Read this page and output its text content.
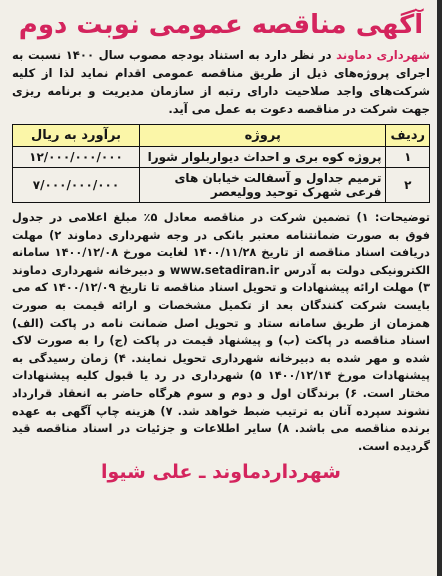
آگهی مناقصه عمومی نوبت دوم
شهرداری دماوند در نظر دارد به استناد بودجه مصوب سال ۱۴۰۰ نسبت به اجرای پروژه‌های ذیل از طریق مناقصه عمومی اقدام نماید لذا از کلیه شرکت‌های واجد صلاحیت دارای رتبه از سازمان مدیریت و برنامه ریزی جهت شرکت در مناقصه دعوت به عمل می آید.
ردیف	پروژه	برآورد به ریال
۱	پروژه کوه بری و احداث دیواربلوار شورا	۱۲/۰۰۰/۰۰۰/۰۰۰
۲	ترمیم جداول و آسفالت خیابان های فرعی شهرک توحید وولیعصر	۷/۰۰۰/۰۰۰/۰۰۰
توضیحات: ۱) تضمین شرکت در مناقصه معادل ۵٪ مبلغ اعلامی در جدول فوق به صورت ضمانتنامه معتبر بانکی در وجه شهرداری دماوند ۲) مهلت دریافت اسناد مناقصه از تاریخ ۱۴۰۰/۱۱/۲۸ لغایت مورخ ۱۴۰۰/۱۲/۰۸ سامانه الکترونیکی دولت به آدرس www.setadiran.ir و دبیرخانه شهرداری دماوند ۳) مهلت ارائه پیشنهادات و تحویل اسناد مناقصه تا تاریخ ۱۴۰۰/۱۲/۰۹ که می بایست شرکت کنندگان بعد از تکمیل مشخصات و ارائه قیمت به صورت همزمان از طریق سامانه ستاد و تحویل اصل ضمانت نامه در پاکت (الف) اسناد مناقصه در پاکت (ب) و پیشنهاد قیمت در پاکت (ج) را به صورت لاک شده و مهر شده به دبیرخانه شهرداری تحویل نمایند. ۴) زمان رسیدگی به پیشنهادات مورخ ۱۴۰۰/۱۲/۱۴ ۵) شهرداری در رد یا قبول کلیه پیشنهادات مختار است. ۶) برندگان اول و دوم و سوم هرگاه حاضر به انعقاد قرارداد نشوند سپرده آنان به ترتیب ضبط خواهد شد. ۷) هزینه چاپ آگهی به عهده برنده مناقصه می باشد. ۸) سایر اطلاعات و جزئیات در اسناد مناقصه قید گردیده است.
شهرداردماوند ـ علی شیوا
